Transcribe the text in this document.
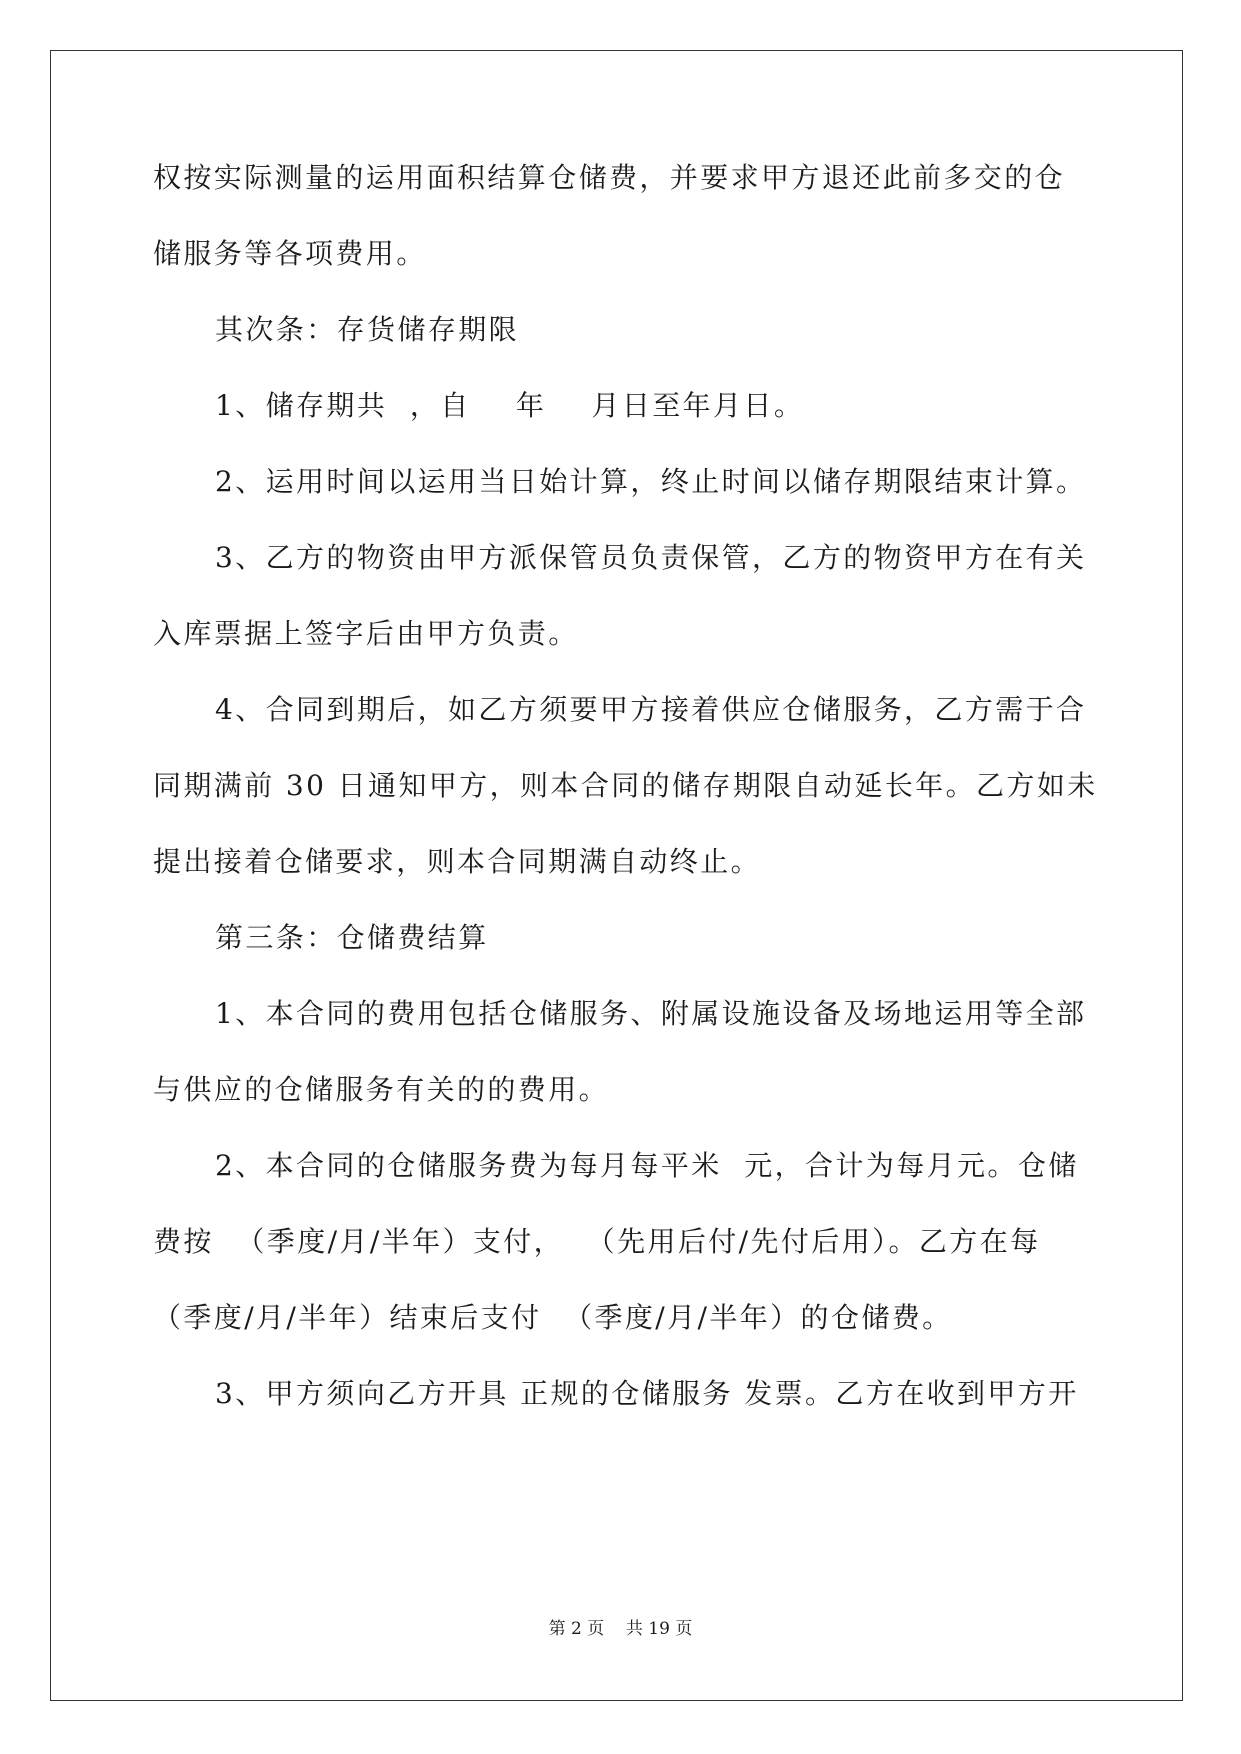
权按实际测量的运用面积结算仓储费，并要求甲方退还此前多交的仓
储服务等各项费用。
其次条：存货储存期限
1、储存期共  ，自    年    月日至年月日。
2、运用时间以运用当日始计算，终止时间以储存期限结束计算。
3、乙方的物资由甲方派保管员负责保管，乙方的物资甲方在有关
入库票据上签字后由甲方负责。
4、合同到期后，如乙方须要甲方接着供应仓储服务，乙方需于合
同期满前 30 日通知甲方，则本合同的储存期限自动延长年。乙方如未
提出接着仓储要求，则本合同期满自动终止。
第三条：仓储费结算
1、本合同的费用包括仓储服务、附属设施设备及场地运用等全部
与供应的仓储服务有关的的费用。
2、本合同的仓储服务费为每月每平米  元，合计为每月元。仓储
费按  （季度/月/半年）支付，  （先用后付/先付后用）。乙方在每
（季度/月/半年）结束后支付  （季度/月/半年）的仓储费。
3、甲方须向乙方开具 正规的仓储服务 发票。乙方在收到甲方开
第 2 页    共 19 页
